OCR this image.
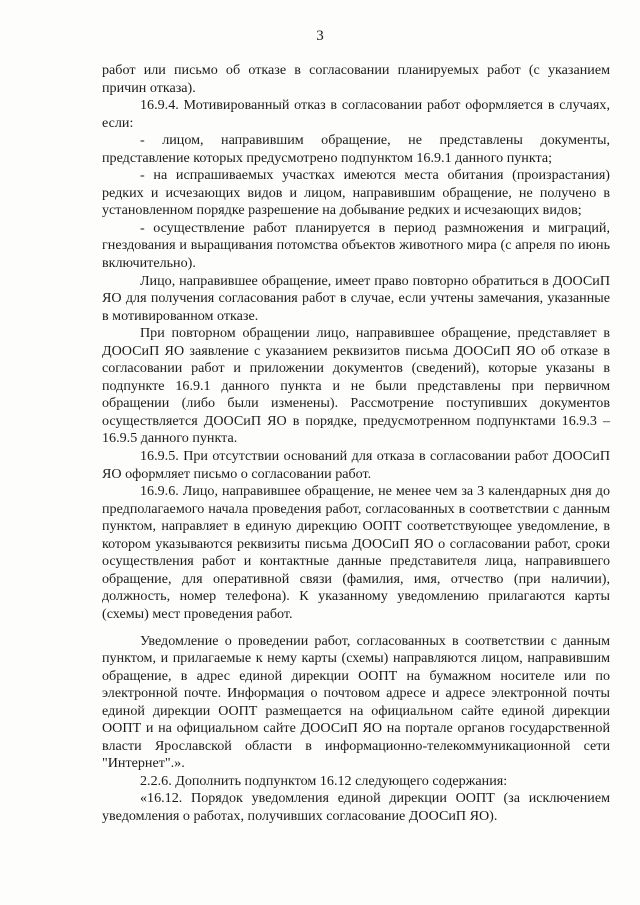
3

работ или письмо об отказе в согласовании планируемых работ (с указанием причин отказа).

16.9.4. Мотивированный отказ в согласовании работ оформляется в случаях, если:

- лицом, направившим обращение, не представлены документы, представление которых предусмотрено подпунктом 16.9.1 данного пункта;

- на испрашиваемых участках имеются места обитания (произрастания) редких и исчезающих видов и лицом, направившим обращение, не получено в установленном порядке разрешение на добывание редких и исчезающих видов;

- осуществление работ планируется в период размножения и миграций, гнездования и выращивания потомства объектов животного мира (с апреля по июнь включительно).

Лицо, направившее обращение, имеет право повторно обратиться в ДООСиП ЯО для получения согласования работ в случае, если учтены замечания, указанные в мотивированном отказе.

При повторном обращении лицо, направившее обращение, представляет в ДООСиП ЯО заявление с указанием реквизитов письма ДООСиП ЯО об отказе в согласовании работ и приложении документов (сведений), которые указаны в подпункте 16.9.1 данного пункта и не были представлены при первичном обращении (либо были изменены). Рассмотрение поступивших документов осуществляется ДООСиП ЯО в порядке, предусмотренном подпунктами 16.9.3 – 16.9.5 данного пункта.

16.9.5. При отсутствии оснований для отказа в согласовании работ ДООСиП ЯО оформляет письмо о согласовании работ.

16.9.6. Лицо, направившее обращение, не менее чем за 3 календарных дня до предполагаемого начала проведения работ, согласованных в соответствии с данным пунктом, направляет в единую дирекцию ООПТ соответствующее уведомление, в котором указываются реквизиты письма ДООСиП ЯО о согласовании работ, сроки осуществления работ и контактные данные представителя лица, направившего обращение, для оперативной связи (фамилия, имя, отчество (при наличии), должность, номер телефона). К указанному уведомлению прилагаются карты (схемы) мест проведения работ.

Уведомление о проведении работ, согласованных в соответствии с данным пунктом, и прилагаемые к нему карты (схемы) направляются лицом, направившим обращение, в адрес единой дирекции ООПТ на бумажном носителе или по электронной почте. Информация о почтовом адресе и адресе электронной почты единой дирекции ООПТ размещается на официальном сайте единой дирекции ООПТ и на официальном сайте ДООСиП ЯО на портале органов государственной власти Ярославской области в информационно-телекоммуникационной сети "Интернет".».

2.2.6. Дополнить подпунктом 16.12 следующего содержания:

«16.12. Порядок уведомления единой дирекции ООПТ (за исключением уведомления о работах, получивших согласование ДООСиП ЯО).
